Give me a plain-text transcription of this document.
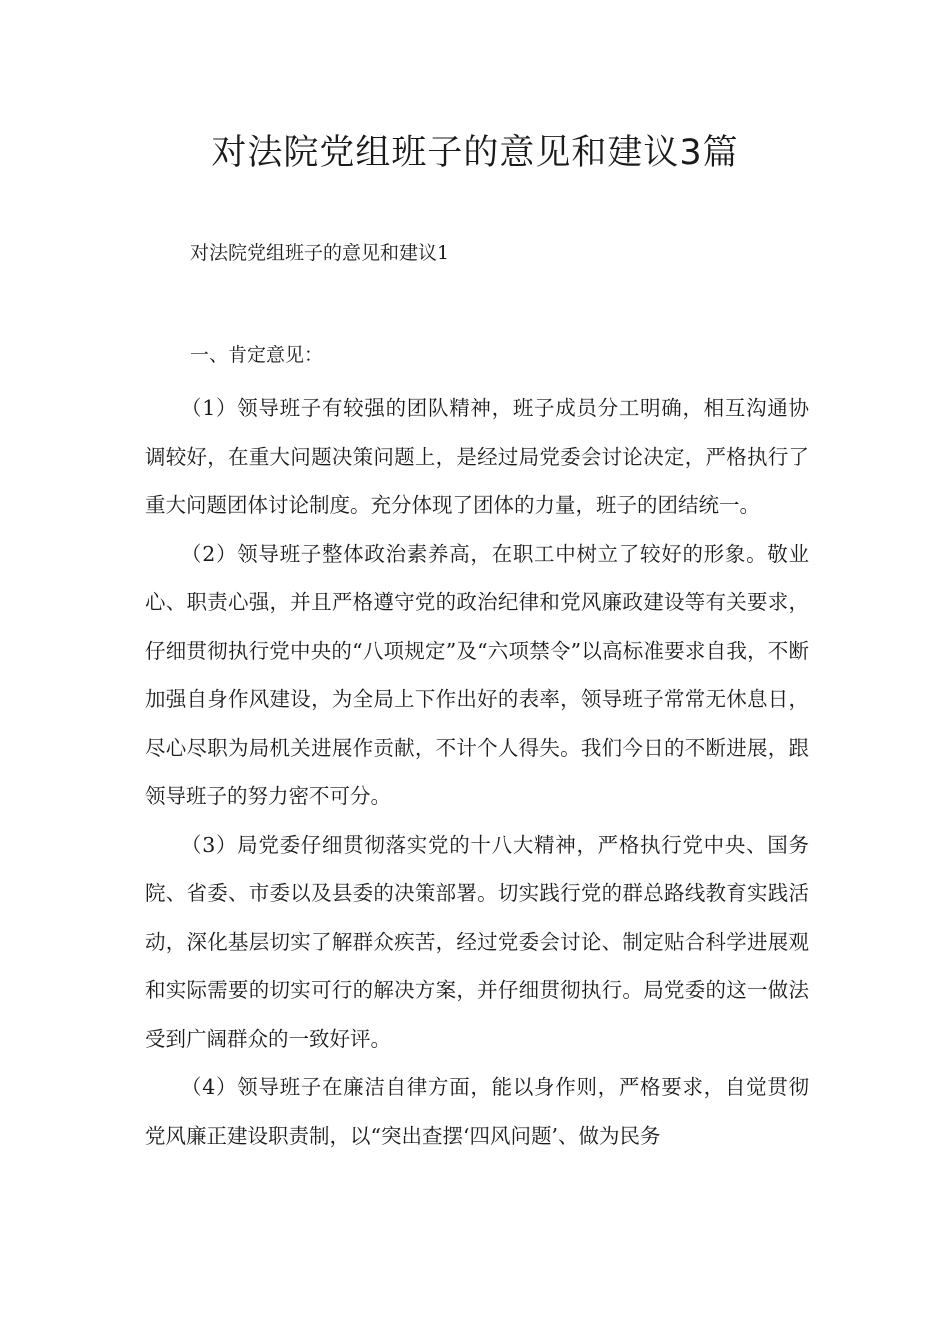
对法院党组班子的意见和建议3篇

对法院党组班子的意见和建议1

一、肯定意见：

（1）领导班子有较强的团队精神，班子成员分工明确，相互沟通协调较好，在重大问题决策问题上，是经过局党委会讨论决定，严格执行了重大问题团体讨论制度。充分体现了团体的力量，班子的团结统一。

（2）领导班子整体政治素养高，在职工中树立了较好的形象。敬业心、职责心强，并且严格遵守党的政治纪律和党风廉政建设等有关要求，仔细贯彻执行党中央的“八项规定”及“六项禁令”以高标准要求自我，不断加强自身作风建设，为全局上下作出好的表率，领导班子常常无休息日，尽心尽职为局机关进展作贡献，不计个人得失。我们今日的不断进展，跟领导班子的努力密不可分。

（3）局党委仔细贯彻落实党的十八大精神，严格执行党中央、国务院、省委、市委以及县委的决策部署。切实践行党的群总路线教育实践活动，深化基层切实了解群众疾苦，经过党委会讨论、制定贴合科学进展观和实际需要的切实可行的解决方案，并仔细贯彻执行。局党委的这一做法受到广阔群众的一致好评。

（4）领导班子在廉洁自律方面，能以身作则，严格要求，自觉贯彻党风廉正建设职责制，以“突出查摆‘四风问题’、做为民务
